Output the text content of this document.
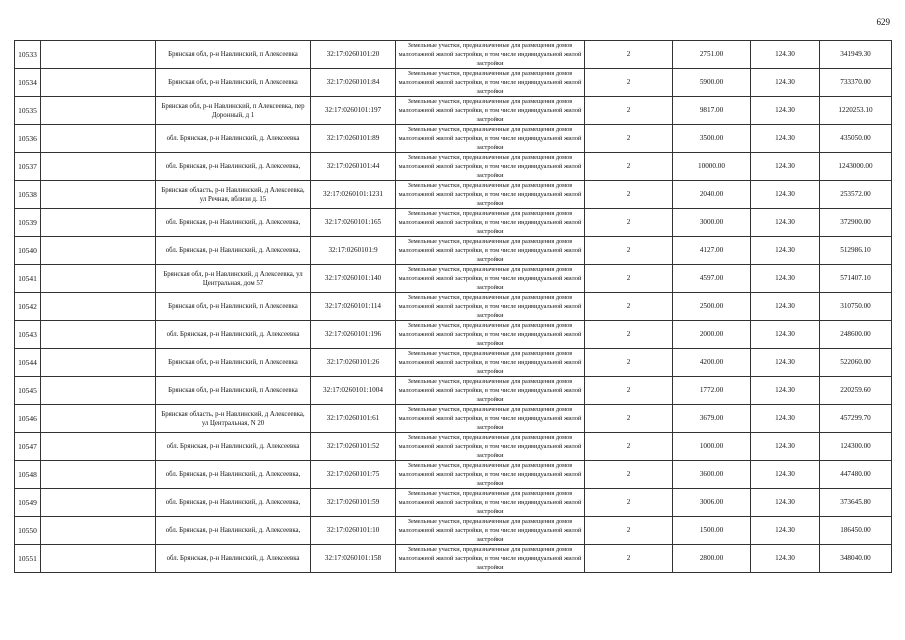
629
10533		Брянская обл, р-н Навлинский, п Алексеевка	32:17:0260101:20	Земельные участки, предназначенные для размещения домов малоэтажной жилой застройки, в том числе индивидуальной жилой застройки	2	2751.00	124.30	341949.30
10534		Брянская обл, р-н Навлинский, п Алексеевка	32:17:0260101:84	Земельные участки, предназначенные для размещения домов малоэтажной жилой застройки, в том числе индивидуальной жилой застройки	2	5900.00	124.30	733370.00
10535		Брянская обл, р-н Навлинский, п Алексеевка, пер Доронный, д 1	32:17:0260101:197	Земельные участки, предназначенные для размещения домов малоэтажной жилой застройки, в том числе индивидуальной жилой застройки	2	9817.00	124.30	1220253.10
10536		обл. Брянская, р-н Навлинский, д. Алексеевка	32:17:0260101:89	Земельные участки, предназначенные для размещения домов малоэтажной жилой застройки, в том числе индивидуальной жилой застройки	2	3500.00	124.30	435050.00
10537		обл. Брянская, р-н Навлинский, д. Алексеевка,	32:17:0260101:44	Земельные участки, предназначенные для размещения домов малоэтажной жилой застройки, в том числе индивидуальной жилой застройки	2	10000.00	124.30	1243000.00
10538		Брянская область, р-н Навлинский, д Алексеевка, ул Речная, вблизи д. 15	32:17:0260101:1231	Земельные участки, предназначенные для размещения домов малоэтажной жилой застройки, в том числе индивидуальной жилой застройки	2	2040.00	124.30	253572.00
10539		обл. Брянская, р-н Навлинский, д. Алексеевка,	32:17:0260101:165	Земельные участки, предназначенные для размещения домов малоэтажной жилой застройки, в том числе индивидуальной жилой застройки	2	3000.00	124.30	372900.00
10540		обл. Брянская, р-н Навлинский, д. Алексеевка,	32:17:0260101:9	Земельные участки, предназначенные для размещения домов малоэтажной жилой застройки, в том числе индивидуальной жилой застройки	2	4127.00	124.30	512986.10
10541		Брянская обл, р-н Навлинский, д Алексеевка, ул Центральная, дом 57	32:17:0260101:140	Земельные участки, предназначенные для размещения домов малоэтажной жилой застройки, в том числе индивидуальной жилой застройки	2	4597.00	124.30	571407.10
10542		Брянская обл, р-н Навлинский, п Алексеевка	32:17:0260101:114	Земельные участки, предназначенные для размещения домов малоэтажной жилой застройки, в том числе индивидуальной жилой застройки	2	2500.00	124.30	310750.00
10543		обл. Брянская, р-н Навлинский, д. Алексеевка	32:17:0260101:196	Земельные участки, предназначенные для размещения домов малоэтажной жилой застройки, в том числе индивидуальной жилой застройки	2	2000.00	124.30	248600.00
10544		Брянская обл, р-н Навлинский, п Алексеевка	32:17:0260101:26	Земельные участки, предназначенные для размещения домов малоэтажной жилой застройки, в том числе индивидуальной жилой застройки	2	4200.00	124.30	522060.00
10545		Брянская обл, р-н Навлинский, п Алексеевка	32:17:0260101:1004	Земельные участки, предназначенные для размещения домов малоэтажной жилой застройки, в том числе индивидуальной жилой застройки	2	1772.00	124.30	220259.60
10546		Брянская область, р-н Навлинский, д Алексеевка, ул Центральная, N 20	32:17:0260101:61	Земельные участки, предназначенные для размещения домов малоэтажной жилой застройки, в том числе индивидуальной жилой застройки	2	3679.00	124.30	457299.70
10547		обл. Брянская, р-н Навлинский, д. Алексеевка	32:17:0260101:52	Земельные участки, предназначенные для размещения домов малоэтажной жилой застройки, в том числе индивидуальной жилой застройки	2	1000.00	124.30	124300.00
10548		обл. Брянская, р-н Навлинский, д. Алексеевка,	32:17:0260101:75	Земельные участки, предназначенные для размещения домов малоэтажной жилой застройки, в том числе индивидуальной жилой застройки	2	3600.00	124.30	447480.00
10549		обл. Брянская, р-н Навлинский, д. Алексеевка,	32:17:0260101:59	Земельные участки, предназначенные для размещения домов малоэтажной жилой застройки, в том числе индивидуальной жилой застройки	2	3006.00	124.30	373645.80
10550		обл. Брянская, р-н Навлинский, д. Алексеевка,	32:17:0260101:10	Земельные участки, предназначенные для размещения домов малоэтажной жилой застройки, в том числе индивидуальной жилой застройки	2	1500.00	124.30	186450.00
10551		обл. Брянская, р-н Навлинский, д. Алексеевка	32:17:0260101:158	Земельные участки, предназначенные для размещения домов малоэтажной жилой застройки, в том числе индивидуальной жилой застройки	2	2800.00	124.30	348040.00
